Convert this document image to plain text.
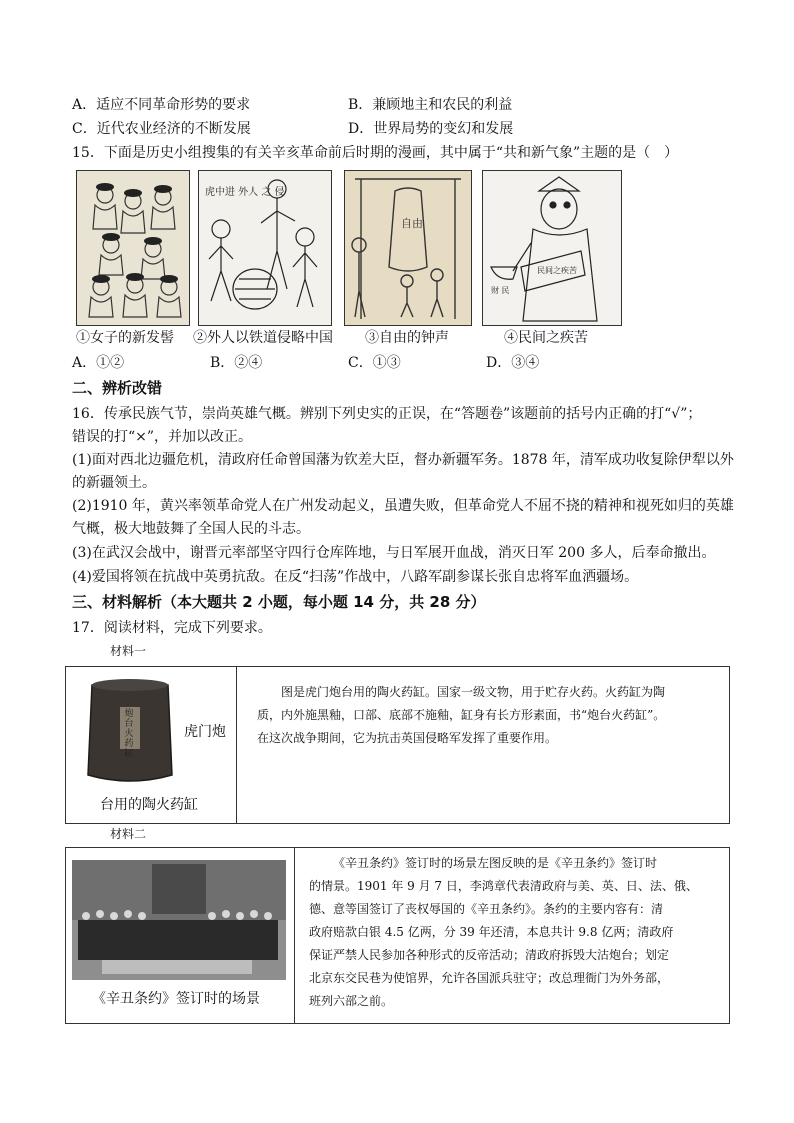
A．适应不同革命形势的要求	B．兼顾地主和农民的利益
C．近代农业经济的不断发展	D．世界局势的变幻和发展
15．下面是历史小组搜集的有关辛亥革命前后时期的漫画，其中属于“共和新气象”主题的是（　）
虎中进 外人 之 侵
自由
民间之疾苦
财 民
①女子的新发髻 ②外人以铁道侵略中国 ③自由的钟声	④民间之疾苦
A．①②	B．②④	C．①③	D．③④
二、辨析改错
16．传承民族气节，崇尚英雄气概。辨别下列史实的正误，在“答题卷”该题前的括号内正确的打“√”；
错误的打“×”，并加以改正。
(1)面对西北边疆危机，清政府任命曾国藩为钦差大臣，督办新疆军务。1878 年，清军成功收复除伊犁以外
的新疆领土。
(2)1910 年，黄兴率领革命党人在广州发动起义，虽遭失败，但革命党人不屈不挠的精神和视死如归的英雄
气概，极大地鼓舞了全国人民的斗志。
(3)在武汉会战中，谢晋元率部坚守四行仓库阵地，与日军展开血战，消灭日军 200 多人，后奉命撤出。
(4)爱国将领在抗战中英勇抗敌。在反“扫荡”作战中，八路军副参谋长张自忠将军血洒疆场。
三、材料解析（本大题共 2 小题，每小题 14 分，共 28 分）
17．阅读材料，完成下列要求。
材料一
炮台火药缸
虎门炮
台用的陶火药缸

图是虎门炮台用的陶火药缸。国家一级文物，用于贮存火药。火药缸为陶
质，内外施黑釉，口部、底部不施釉，缸身有长方形素面，书“炮台火药缸”。
在这次战争期间，它为抗击英国侵略军发挥了重要作用。
材料二
《辛丑条约》签订时的场景

《辛丑条约》签订时的场景左图反映的是《辛丑条约》签订时
的情景。1901 年 9 月 7 日，李鸿章代表清政府与美、英、日、法、俄、
德、意等国签订了丧权辱国的《辛丑条约》。条约的主要内容有：清
政府赔款白银 4.5 亿两，分 39 年还清，本息共计 9.8 亿两；清政府
保证严禁人民参加各种形式的反帝活动；清政府拆毁大沽炮台；划定
北京东交民巷为使馆界，允许各国派兵驻守；改总理衙门为外务部，
班列六部之前。
